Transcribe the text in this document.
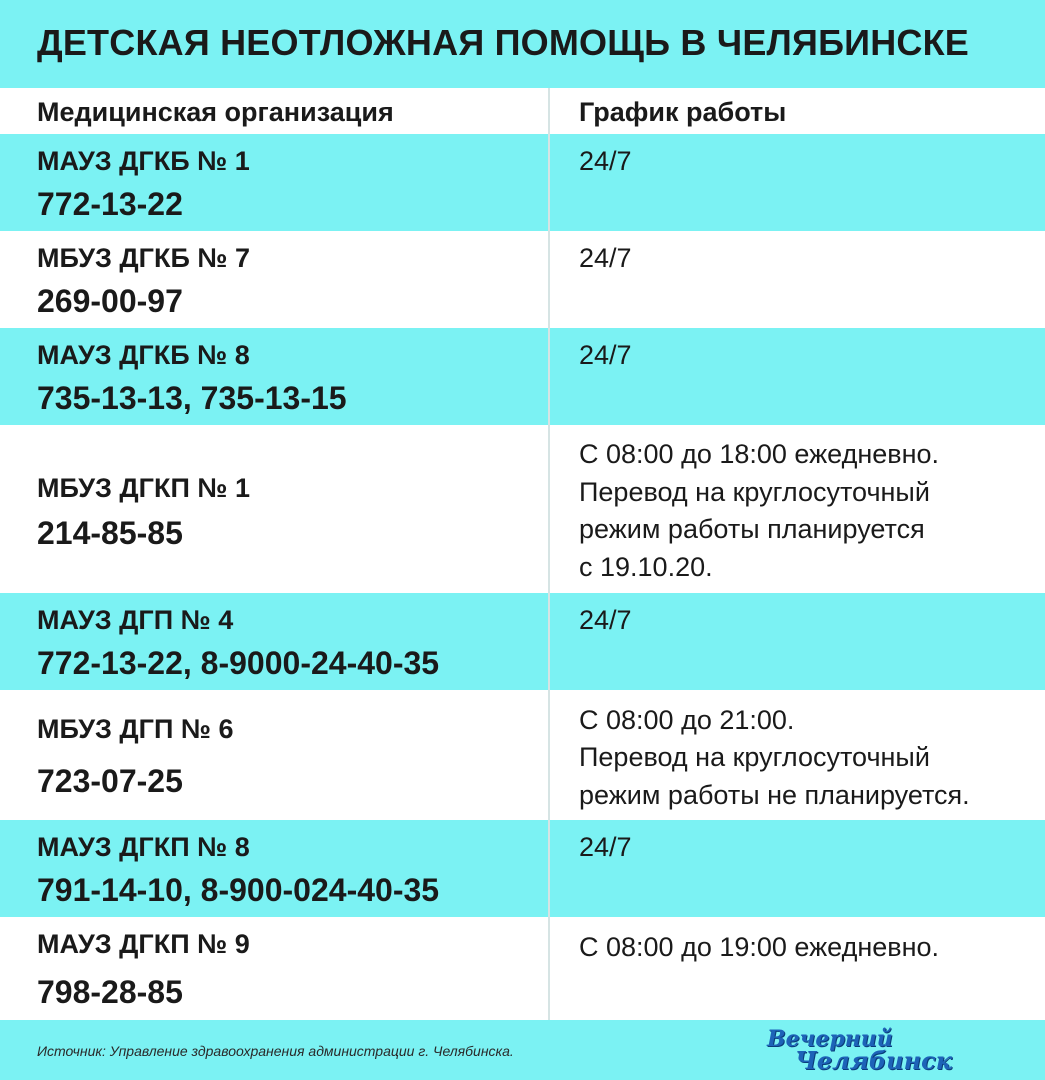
ДЕТСКАЯ НЕОТЛОЖНАЯ ПОМОЩЬ В ЧЕЛЯБИНСКЕ
Медицинская организация	График работы
МАУЗ ДГКБ № 1
772-13-22
24/7
МБУЗ ДГКБ № 7
269-00-97
24/7
МАУЗ ДГКБ № 8
735-13-13, 735-13-15
24/7
МБУЗ ДГКП № 1
214-85-85
С 08:00 до 18:00 ежедневно.
Перевод на круглосуточный
режим работы планируется
с 19.10.20.
МАУЗ ДГП № 4
772-13-22, 8-9000-24-40-35
24/7
МБУЗ ДГП № 6
723-07-25
С 08:00 до 21:00.
Перевод на круглосуточный
режим работы не планируется.
МАУЗ ДГКП № 8
791-14-10, 8-900-024-40-35
24/7
МАУЗ ДГКП № 9
798-28-85
С 08:00 до 19:00 ежедневно.
Источник: Управление здравоохранения администрации г. Челябинска.	Вечерний
Челябинск
